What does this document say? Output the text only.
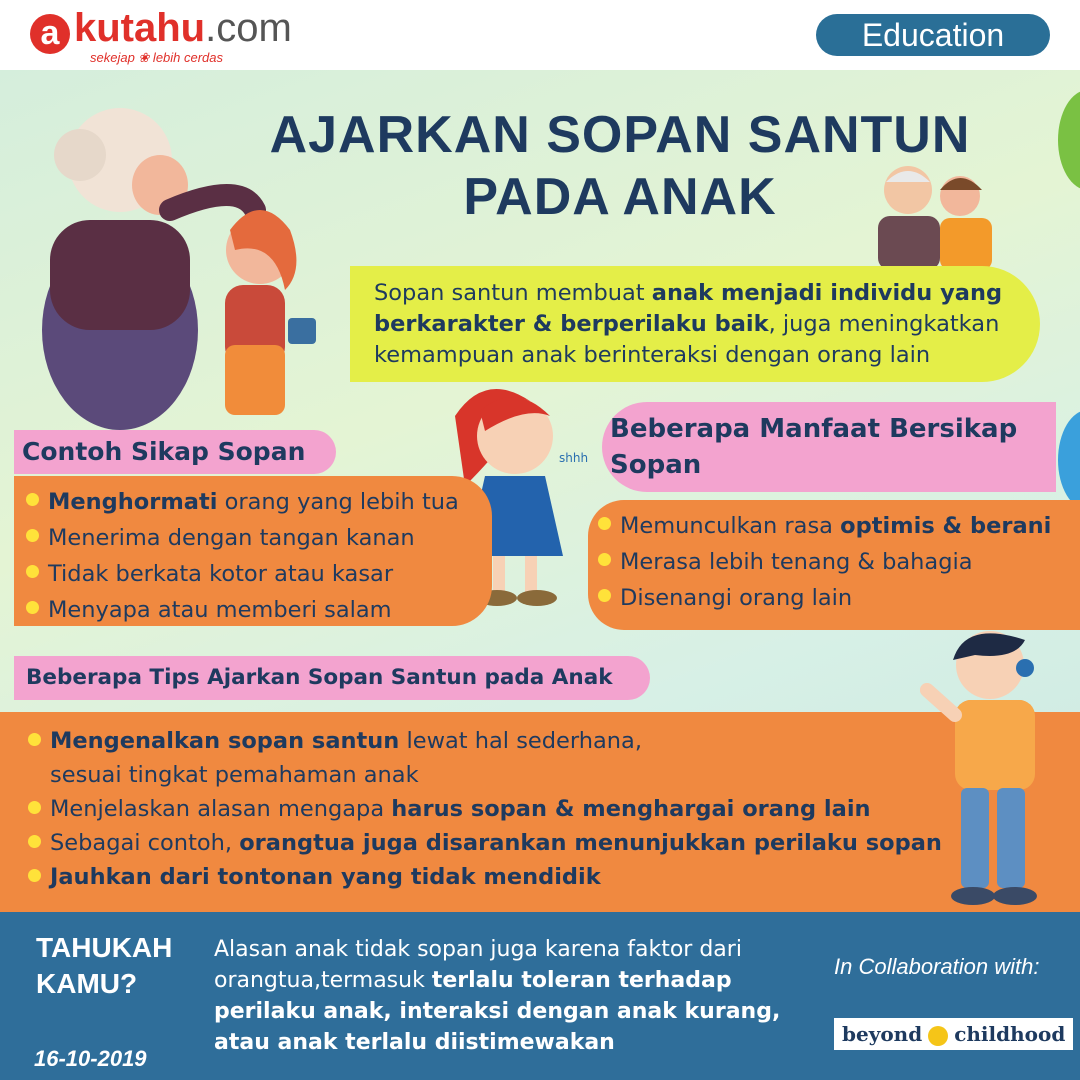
a kutahu.com
sekejap ❀ lebih cerdas
Education
shhh
AJARKAN SOPAN SANTUN
PADA ANAK
Sopan santun membuat anak menjadi individu yang berkarakter & berperilaku baik, juga meningkatkan kemampuan anak berinteraksi dengan orang lain
Contoh Sikap Sopan
Menghormati orang yang lebih tua
Menerima dengan tangan kanan
Tidak berkata kotor atau kasar
Menyapa atau memberi salam
Beberapa Manfaat Bersikap Sopan
Memunculkan rasa optimis & berani
Merasa lebih tenang & bahagia
Disenangi orang lain
Beberapa Tips Ajarkan Sopan Santun pada Anak
Mengenalkan sopan santun lewat hal sederhana,
sesuai tingkat pemahaman anak
Menjelaskan alasan mengapa harus sopan & menghargai orang lain
Sebagai contoh, orangtua juga disarankan menunjukkan perilaku sopan
Jauhkan dari tontonan yang tidak mendidik
TAHUKAH
KAMU?
Alasan anak tidak sopan juga karena faktor dari orangtua,termasuk terlalu toleran terhadap perilaku anak, interaksi dengan anak kurang, atau anak terlalu diistimewakan
16-10-2019
In Collaboration with:
beyond childhood
